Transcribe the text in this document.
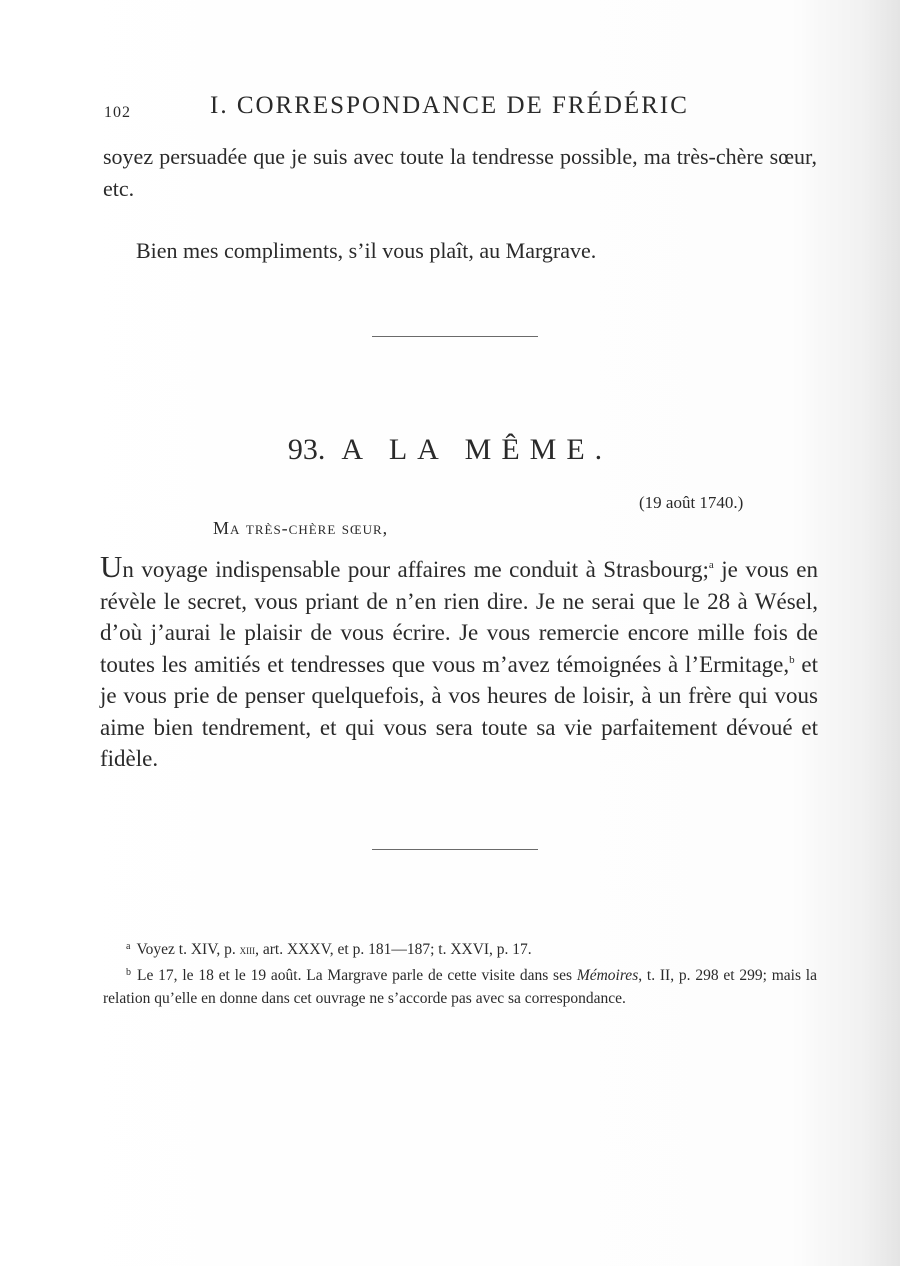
102	I. CORRESPONDANCE DE FRÉDÉRIC
soyez persuadée que je suis avec toute la tendresse possible, ma très-chère sœur, etc.
Bien mes compliments, s’il vous plaît, au Margrave.
93. A LA MÊME.
(19 août 1740.)
Ma très-chère sœur,
Un voyage indispensable pour affaires me conduit à Strasbourg;$^a$ je vous en révèle le secret, vous priant de n’en rien dire. Je ne serai que le 28 à Wésel, d’où j’aurai le plaisir de vous écrire. Je vous remercie encore mille fois de toutes les amitiés et tendresses que vous m’avez témoignées à l’Ermitage,$^b$ et je vous prie de penser quelquefois, à vos heures de loisir, à un frère qui vous aime bien tendrement, et qui vous sera toute sa vie parfaitement dévoué et fidèle.
$^a$ Voyez t. XIV, p. xiii, art. XXXV, et p. 181—187; t. XXVI, p. 17.
$^b$ Le 17, le 18 et le 19 août. La Margrave parle de cette visite dans ses Mémoires, t. II, p. 298 et 299; mais la relation qu’elle en donne dans cet ouvrage ne s’accorde pas avec sa correspondance.
